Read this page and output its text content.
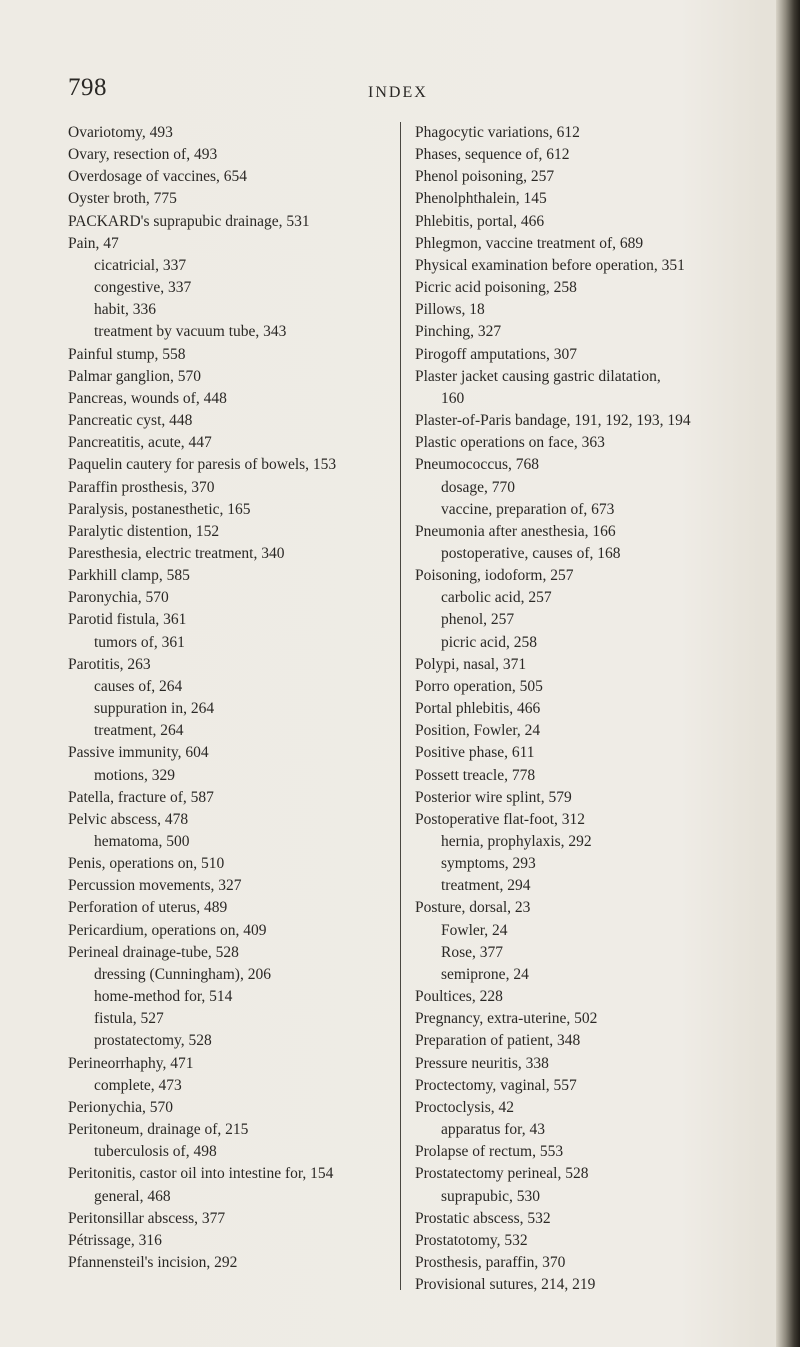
798	INDEX
Ovariotomy, 493
Ovary, resection of, 493
Overdosage of vaccines, 654
Oyster broth, 775
PACKARD's suprapubic drainage, 531
Pain, 47
cicatricial, 337
congestive, 337
habit, 336
treatment by vacuum tube, 343
Painful stump, 558
Palmar ganglion, 570
Pancreas, wounds of, 448
Pancreatic cyst, 448
Pancreatitis, acute, 447
Paquelin cautery for paresis of bowels, 153
Paraffin prosthesis, 370
Paralysis, postanesthetic, 165
Paralytic distention, 152
Paresthesia, electric treatment, 340
Parkhill clamp, 585
Paronychia, 570
Parotid fistula, 361
tumors of, 361
Parotitis, 263
causes of, 264
suppuration in, 264
treatment, 264
Passive immunity, 604
motions, 329
Patella, fracture of, 587
Pelvic abscess, 478
hematoma, 500
Penis, operations on, 510
Percussion movements, 327
Perforation of uterus, 489
Pericardium, operations on, 409
Perineal drainage-tube, 528
dressing (Cunningham), 206
home-method for, 514
fistula, 527
prostatectomy, 528
Perineorrhaphy, 471
complete, 473
Perionychia, 570
Peritoneum, drainage of, 215
tuberculosis of, 498
Peritonitis, castor oil into intestine for, 154
general, 468
Peritonsillar abscess, 377
Pétrissage, 316
Pfannensteil's incision, 292
Phagocytic variations, 612
Phases, sequence of, 612
Phenol poisoning, 257
Phenolphthalein, 145
Phlebitis, portal, 466
Phlegmon, vaccine treatment of, 689
Physical examination before operation, 351
Picric acid poisoning, 258
Pillows, 18
Pinching, 327
Pirogoff amputations, 307
Plaster jacket causing gastric dilatation,
160
Plaster-of-Paris bandage, 191, 192, 193, 194
Plastic operations on face, 363
Pneumococcus, 768
dosage, 770
vaccine, preparation of, 673
Pneumonia after anesthesia, 166
postoperative, causes of, 168
Poisoning, iodoform, 257
carbolic acid, 257
phenol, 257
picric acid, 258
Polypi, nasal, 371
Porro operation, 505
Portal phlebitis, 466
Position, Fowler, 24
Positive phase, 611
Possett treacle, 778
Posterior wire splint, 579
Postoperative flat-foot, 312
hernia, prophylaxis, 292
symptoms, 293
treatment, 294
Posture, dorsal, 23
Fowler, 24
Rose, 377
semiprone, 24
Poultices, 228
Pregnancy, extra-uterine, 502
Preparation of patient, 348
Pressure neuritis, 338
Proctectomy, vaginal, 557
Proctoclysis, 42
apparatus for, 43
Prolapse of rectum, 553
Prostatectomy perineal, 528
suprapubic, 530
Prostatic abscess, 532
Prostatotomy, 532
Prosthesis, paraffin, 370
Provisional sutures, 214, 219
